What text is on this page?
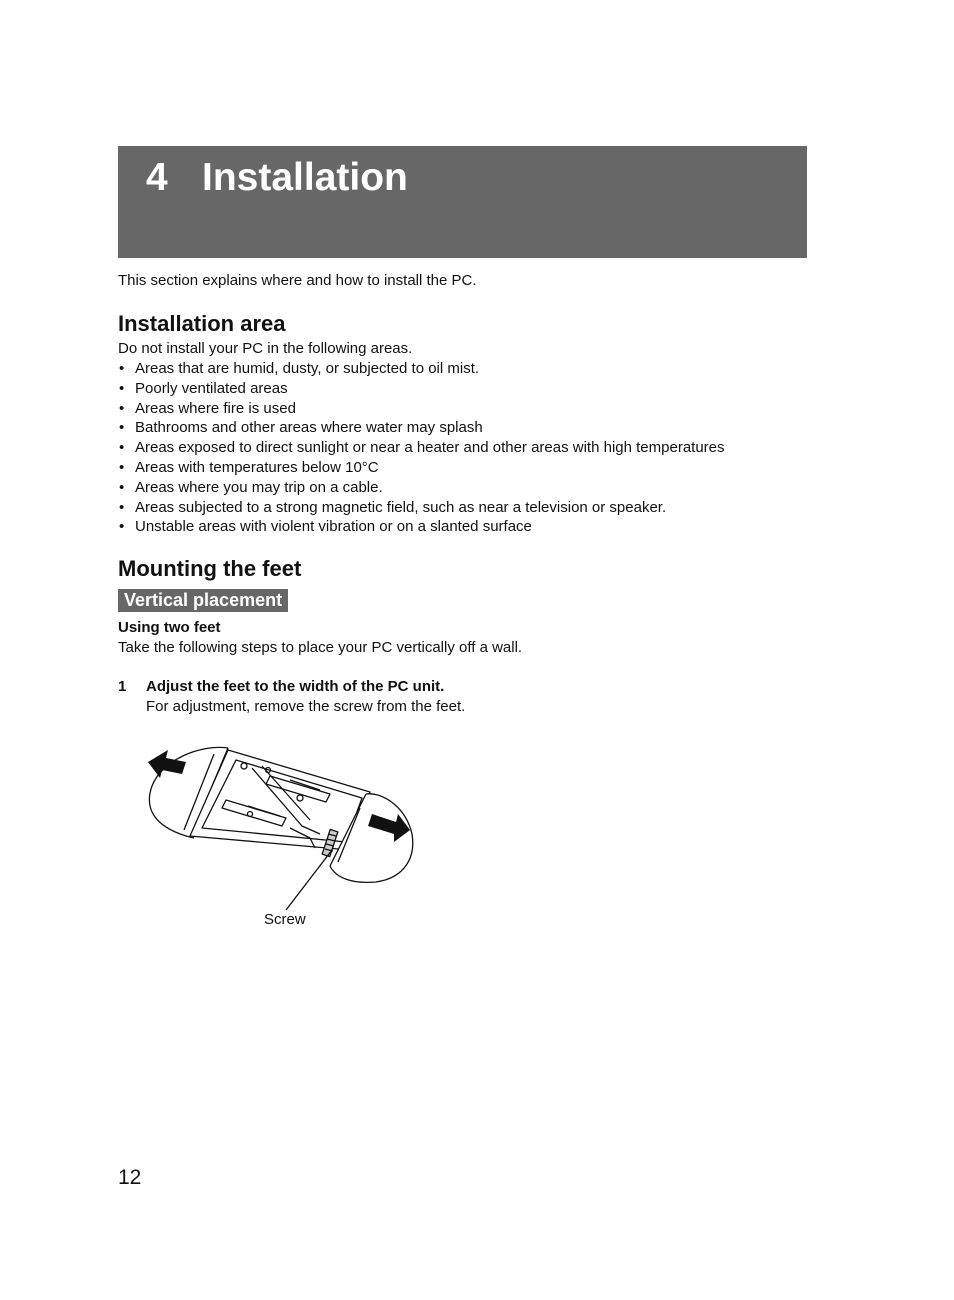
4 Installation
This section explains where and how to install the PC.
Installation area
Do not install your PC in the following areas.
• Areas that are humid, dusty, or subjected to oil mist.
• Poorly ventilated areas
• Areas where fire is used
• Bathrooms and other areas where water may splash
• Areas exposed to direct sunlight or near a heater and other areas with high temperatures
• Areas with temperatures below 10°C
• Areas where you may trip on a cable.
• Areas subjected to a strong magnetic field, such as near a television or speaker.
• Unstable areas with violent vibration or on a slanted surface
Mounting the feet
Vertical placement
Using two feet
Take the following steps to place your PC vertically off a wall.
1 Adjust the feet to the width of the PC unit.
For adjustment, remove the screw from the feet.
Screw
12
